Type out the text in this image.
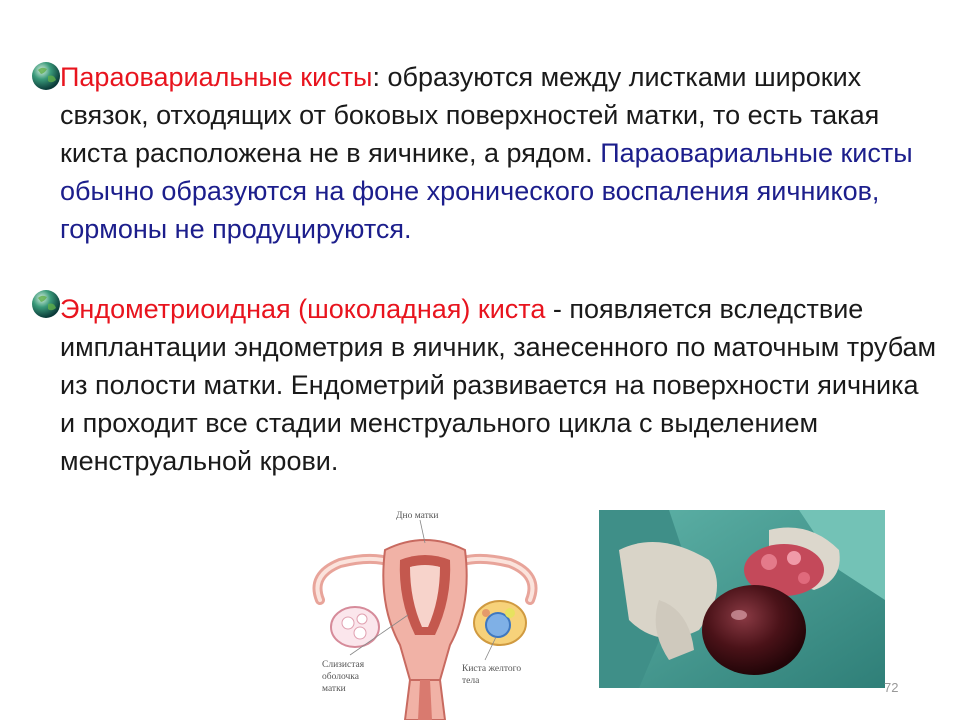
Параовариальные кисты: образуются между листками широких связок, отходящих от боковых поверхностей матки, то есть такая киста расположена не в яичнике, а рядом. Параовариальные кисты обычно образуются на фоне хронического воспаления яичников, гормоны не продуцируются.
Эндометриоидная (шоколадная) киста - появляется вследствие имплантации эндометрия в яичник, занесенного по маточным трубам из полости матки. Ендометрий развивается на поверхности яичника и проходит все стадии менструального цикла с выделением менструальной крови.
Дно матки
Слизистая
оболочка
матки
Киста желтого
тела	72
